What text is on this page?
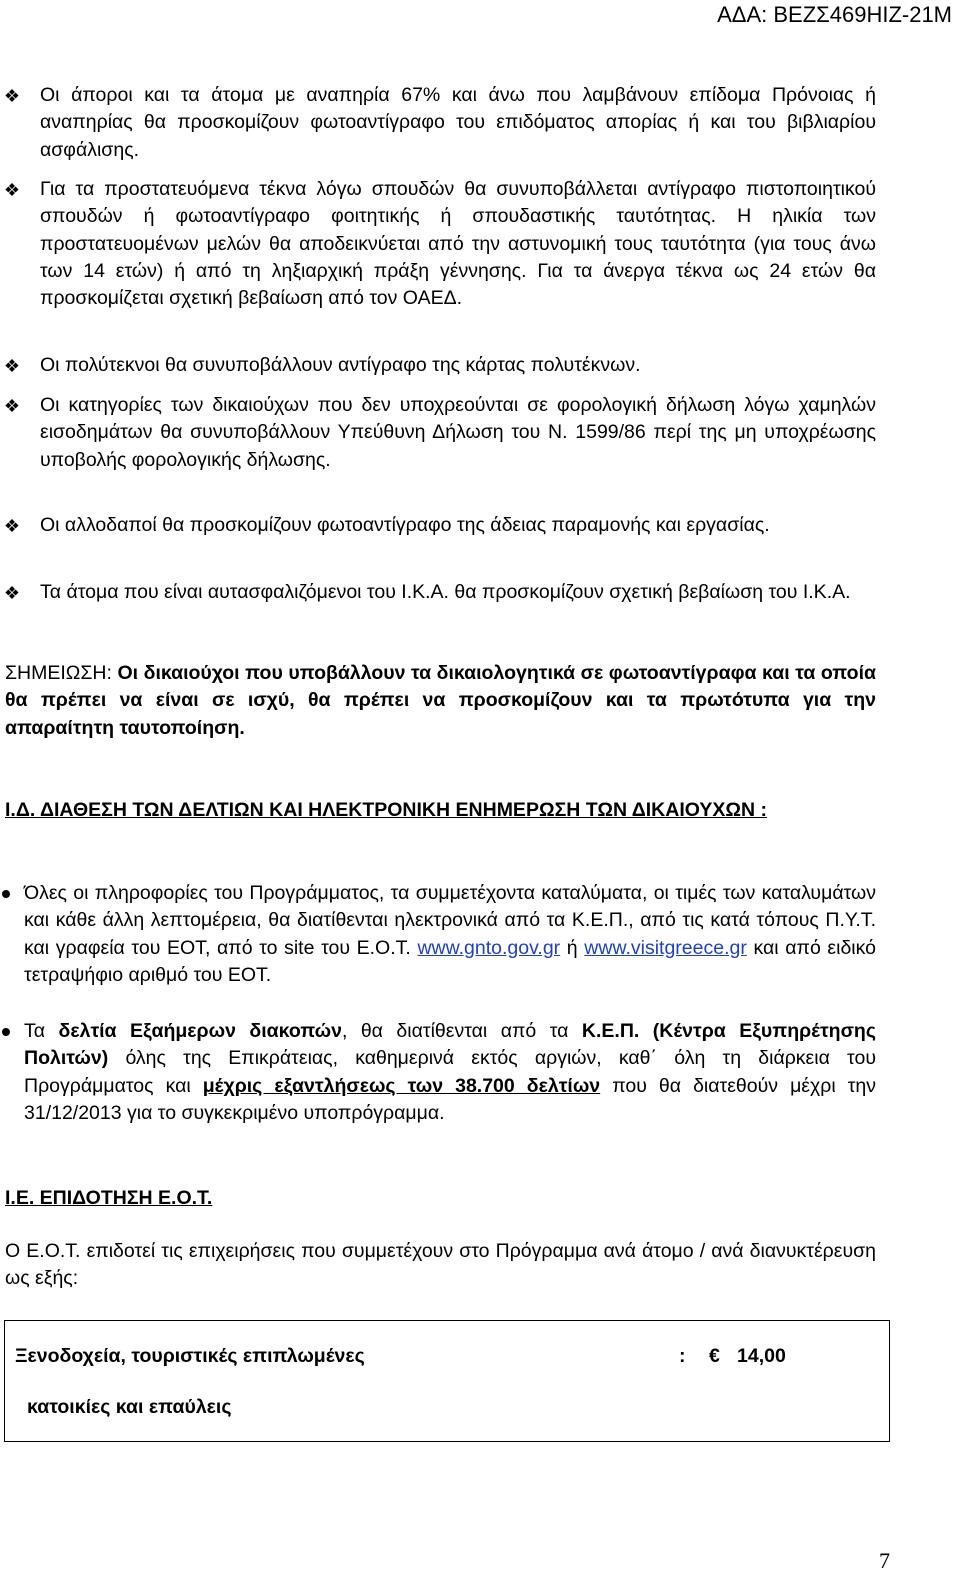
ΑΔΑ: ΒΕΖΣ469ΗΙΖ-21Μ
❖ Οι άποροι και τα άτομα με αναπηρία 67% και άνω που λαμβάνουν επίδομα Πρόνοιας ή αναπηρίας θα προσκομίζουν φωτοαντίγραφο του επιδόματος απορίας ή και του βιβλιαρίου ασφάλισης.

❖ Για τα προστατευόμενα τέκνα λόγω σπουδών θα συνυποβάλλεται αντίγραφο πιστοποιητικού σπουδών ή φωτοαντίγραφο φοιτητικής ή σπουδαστικής ταυτότητας. Η ηλικία των προστατευομένων μελών θα αποδεικνύεται από την αστυνομική τους ταυτότητα (για τους άνω των 14 ετών) ή από τη ληξιαρχική πράξη γέννησης. Για τα άνεργα τέκνα ως 24 ετών θα προσκομίζεται σχετική βεβαίωση από τον ΟΑΕΔ.

❖ Οι πολύτεκνοι θα συνυποβάλλουν αντίγραφο της κάρτας πολυτέκνων.

❖ Οι κατηγορίες των δικαιούχων που δεν υποχρεούνται σε φορολογική δήλωση λόγω χαμηλών εισοδημάτων θα συνυποβάλλουν Υπεύθυνη Δήλωση του Ν. 1599/86 περί της μη υποχρέωσης υποβολής φορολογικής δήλωσης.

❖ Οι αλλοδαποί θα προσκομίζουν φωτοαντίγραφο της άδειας παραμονής και εργασίας.

❖ Τα άτομα που είναι αυτασφαλιζόμενοι του Ι.Κ.Α. θα προσκομίζουν σχετική βεβαίωση του Ι.Κ.Α.

ΣΗΜΕΙΩΣΗ: Οι δικαιούχοι που υποβάλλουν τα δικαιολογητικά σε φωτοαντίγραφα και τα οποία θα πρέπει να είναι σε ισχύ, θα πρέπει να προσκομίζουν και τα πρωτότυπα για την απαραίτητη ταυτοποίηση.
Ι.Δ. ΔΙΑΘΕΣΗ ΤΩΝ ΔΕΛΤΙΩΝ ΚΑΙ ΗΛΕΚΤΡΟΝΙΚΗ ΕΝΗΜΕΡΩΣΗ ΤΩΝ ΔΙΚΑΙΟΥΧΩΝ :
Όλες οι πληροφορίες του Προγράμματος, τα συμμετέχοντα καταλύματα, οι τιμές των καταλυμάτων και κάθε άλλη λεπτομέρεια, θα διατίθενται ηλεκτρονικά από τα Κ.Ε.Π., από τις κατά τόπους Π.Υ.Τ. και γραφεία του ΕΟΤ, από το site του Ε.Ο.Τ. www.gnto.gov.gr ή www.visitgreece.gr και από ειδικό τετραψήφιο αριθμό του ΕΟΤ.
Τα δελτία Εξαήμερων διακοπών, θα διατίθενται από τα Κ.Ε.Π. (Κέντρα Εξυπηρέτησης Πολιτών) όλης της Επικράτειας, καθημερινά εκτός αργιών, καθ΄ όλη τη διάρκεια του Προγράμματος και μέχρις εξαντλήσεως των 38.700 δελτίων που θα διατεθούν μέχρι την 31/12/2013 για το συγκεκριμένο υποπρόγραμμα.
Ι.Ε. ΕΠΙΔΟΤΗΣΗ Ε.Ο.Τ.
Ο Ε.Ο.Τ. επιδοτεί τις επιχειρήσεις που συμμετέχουν στο Πρόγραμμα ανά άτομο / ανά διανυκτέρευση ως εξής:
Ξενοδοχεία, τουριστικές επιπλωμένες
κατοικίες και επαύλεις
: € 14,00
7
